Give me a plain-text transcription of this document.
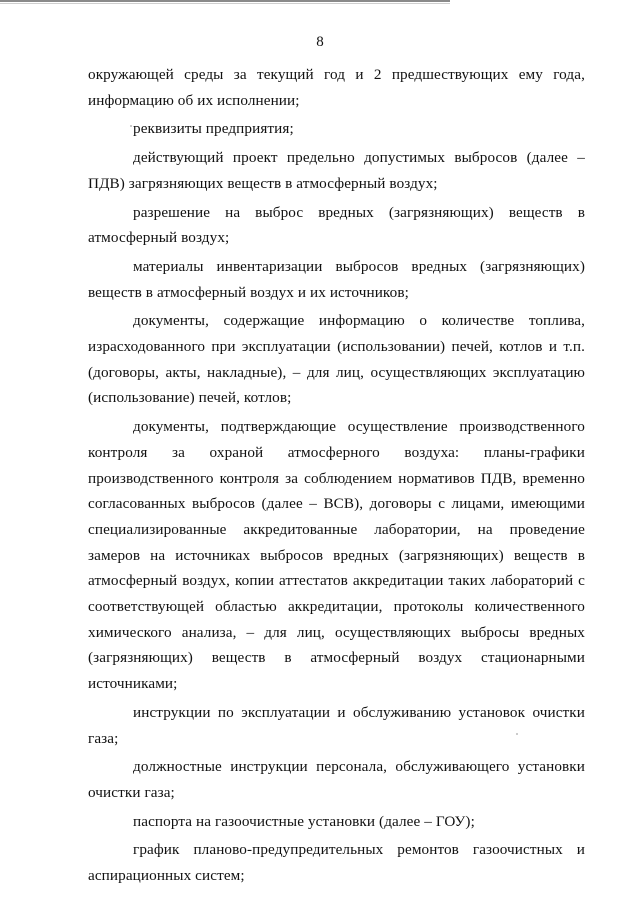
8

окружающей среды за текущий год и 2 предшествующих ему года, информацию об их исполнении;

реквизиты предприятия;

действующий проект предельно допустимых выбросов (далее – ПДВ) загрязняющих веществ в атмосферный воздух;

разрешение на выброс вредных (загрязняющих) веществ в атмосферный воздух;

материалы инвентаризации выбросов вредных (загрязняющих) веществ в атмосферный воздух и их источников;

документы, содержащие информацию о количестве топлива, израсходованного при эксплуатации (использовании) печей, котлов и т.п. (договоры, акты, накладные), – для лиц, осуществляющих эксплуатацию (использование) печей, котлов;

документы, подтверждающие осуществление производственного контроля за охраной атмосферного воздуха: планы-графики производственного контроля за соблюдением нормативов ПДВ, временно согласованных выбросов (далее – ВСВ), договоры с лицами, имеющими специализированные аккредитованные лаборатории, на проведение замеров на источниках выбросов вредных (загрязняющих) веществ в атмосферный воздух, копии аттестатов аккредитации таких лабораторий с соответствующей областью аккредитации, протоколы количественного химического анализа, – для лиц, осуществляющих выбросы вредных (загрязняющих) веществ в атмосферный воздух стационарными источниками;

инструкции по эксплуатации и обслуживанию установок очистки газа;

должностные инструкции персонала, обслуживающего установки очистки газа;

паспорта на газоочистные установки (далее – ГОУ);

график планово-предупредительных ремонтов газоочистных и аспирационных систем;
